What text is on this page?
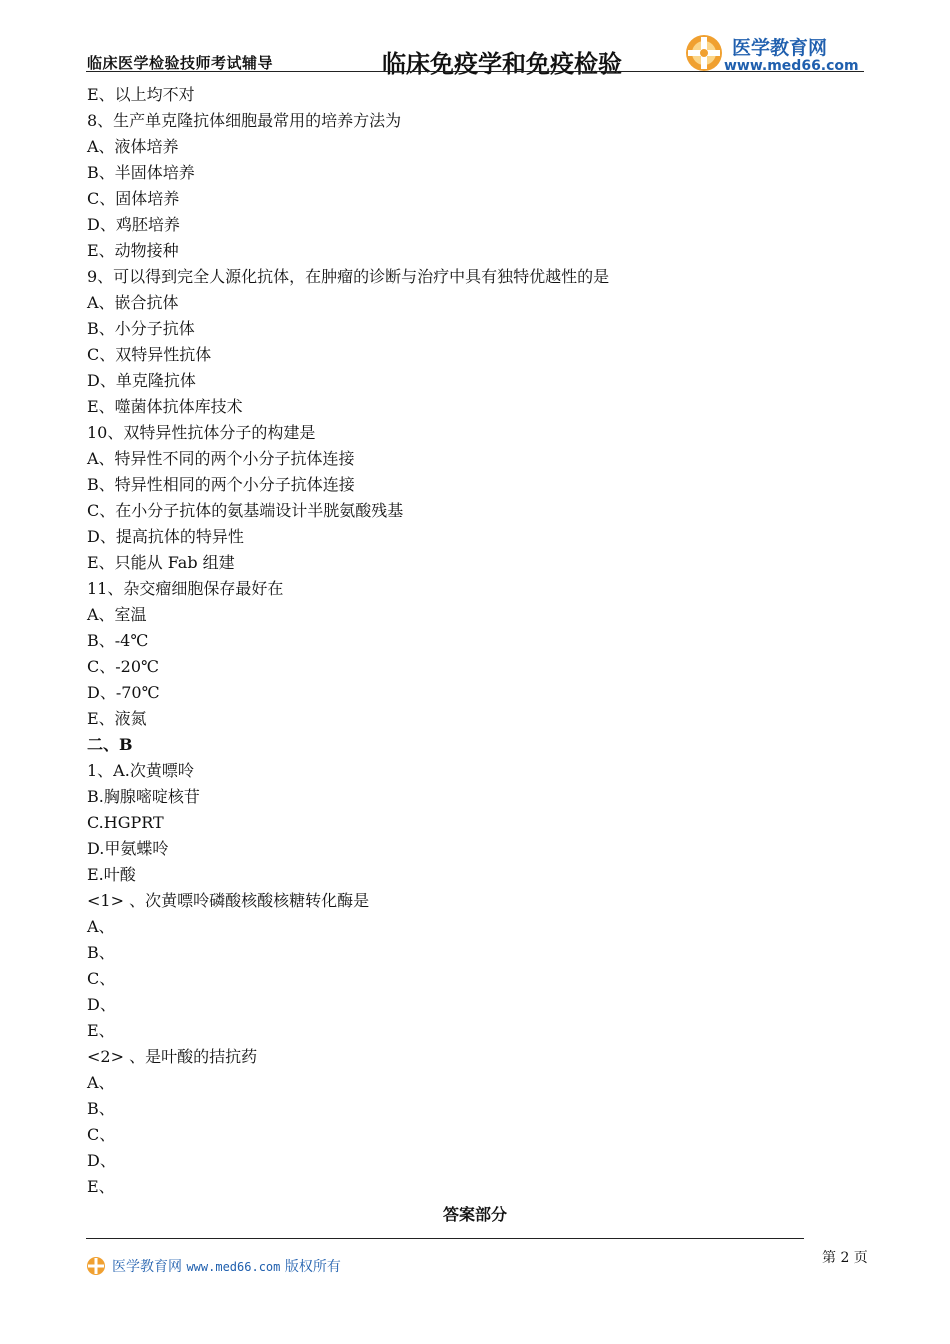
临床医学检验技师考试辅导	临床免疫学和免疫检验
医学教育网
www.med66.com
E、以上均不对
8、生产单克隆抗体细胞最常用的培养方法为
A、液体培养
B、半固体培养
C、固体培养
D、鸡胚培养
E、动物接种
9、可以得到完全人源化抗体，在肿瘤的诊断与治疗中具有独特优越性的是
A、嵌合抗体
B、小分子抗体
C、双特异性抗体
D、单克隆抗体
E、噬菌体抗体库技术
10、双特异性抗体分子的构建是
A、特异性不同的两个小分子抗体连接
B、特异性相同的两个小分子抗体连接
C、在小分子抗体的氨基端设计半胱氨酸残基
D、提高抗体的特异性
E、只能从 Fab 组建
11、杂交瘤细胞保存最好在
A、室温
B、-4℃
C、-20℃
D、-70℃
E、液氮
二、B
1、A.次黄嘌呤
B.胸腺嘧啶核苷
C.HGPRT
D.甲氨蝶呤
E.叶酸
<1> 、次黄嘌呤磷酸核酸核糖转化酶是
A、
B、
C、
D、
E、
<2> 、是叶酸的拮抗药
A、
B、
C、
D、
E、
答案部分
第 2 页
医学教育网 www.med66.com 版权所有
